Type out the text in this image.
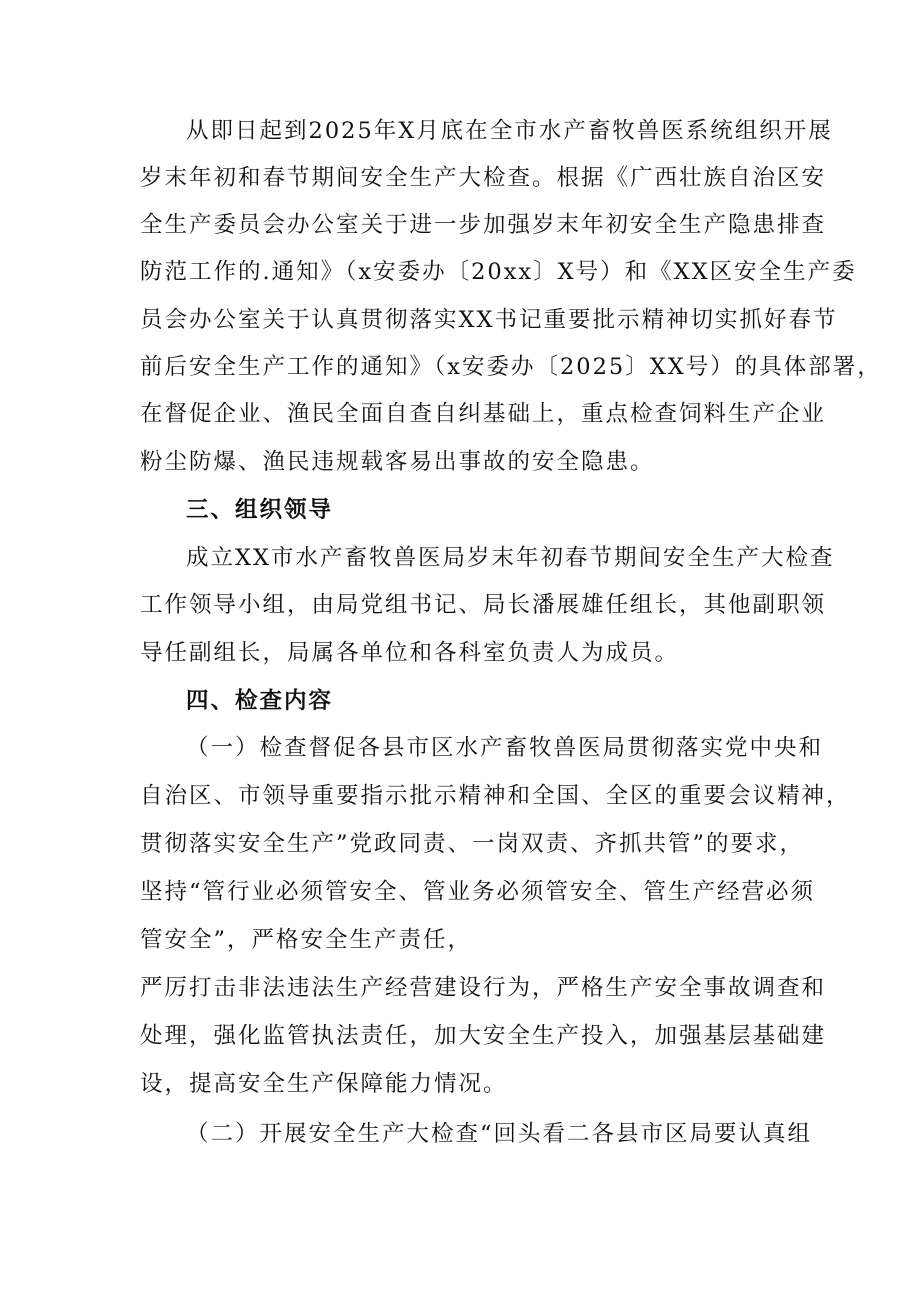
从即日起到2025年X月底在全市水产畜牧兽医系统组织开展
岁末年初和春节期间安全生产大检查。根据《广西壮族自治区安
全生产委员会办公室关于进一步加强岁末年初安全生产隐患排查
防范工作的.通知》（x安委办〔20xx〕X号）和《XX区安全生产委
员会办公室关于认真贯彻落实XX书记重要批示精神切实抓好春节
前后安全生产工作的通知》（x安委办〔2025〕XX号）的具体部署，
在督促企业、渔民全面自查自纠基础上，重点检查饲料生产企业
粉尘防爆、渔民违规载客易出事故的安全隐患。
三、组织领导
成立XX市水产畜牧兽医局岁末年初春节期间安全生产大检查
工作领导小组，由局党组书记、局长潘展雄任组长，其他副职领
导任副组长，局属各单位和各科室负责人为成员。
四、检查内容
（一）检查督促各县市区水产畜牧兽医局贯彻落实党中央和
自治区、市领导重要指示批示精神和全国、全区的重要会议精神，
贯彻落实安全生产”党政同责、一岗双责、齐抓共管”的要求，
坚持“管行业必须管安全、管业务必须管安全、管生产经营必须
管安全”，严格安全生产责任，
严厉打击非法违法生产经营建设行为，严格生产安全事故调查和
处理，强化监管执法责任，加大安全生产投入，加强基层基础建
设，提高安全生产保障能力情况。
（二）开展安全生产大检查“回头看二各县市区局要认真组
